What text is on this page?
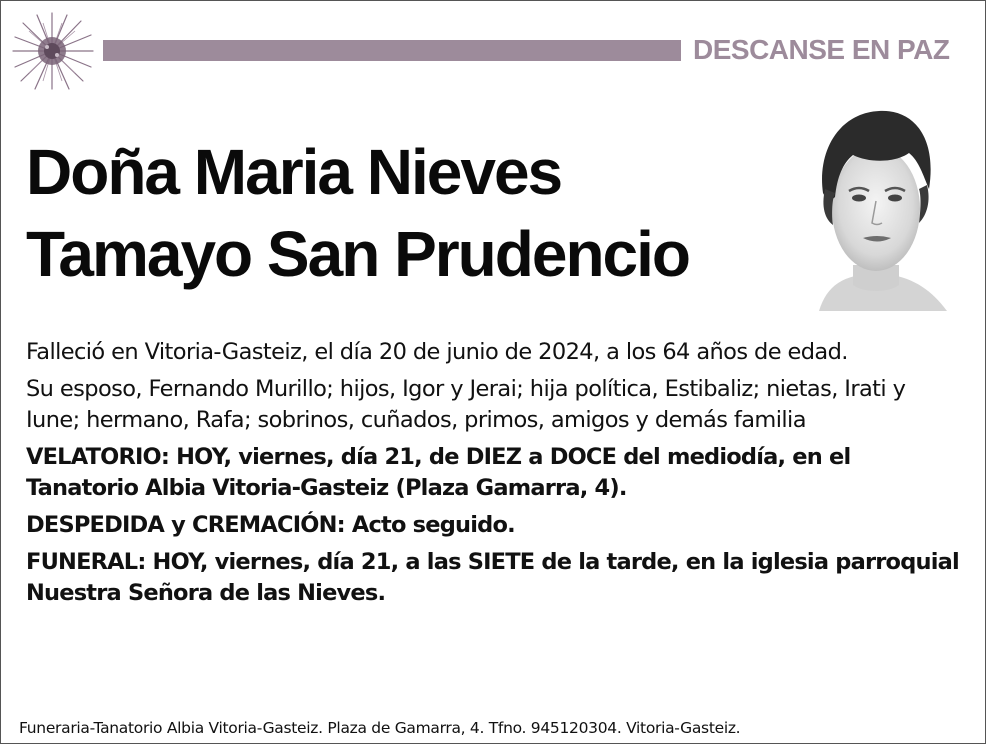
DESCANSE EN PAZ
Doña Maria Nieves
Tamayo San Prudencio

Falleció en Vitoria-Gasteiz, el día 20 de junio de 2024, a los 64 años de edad.

Su esposo, Fernando Murillo; hijos, Igor y Jerai; hija política, Estibaliz; nietas, Irati y Iune; hermano, Rafa; sobrinos, cuñados, primos, amigos y demás familia

VELATORIO: HOY, viernes, día 21, de DIEZ a DOCE del mediodía, en el Tanatorio Albia Vitoria-Gasteiz (Plaza Gamarra, 4).

DESPEDIDA y CREMACIÓN: Acto seguido.

FUNERAL: HOY, viernes, día 21, a las SIETE de la tarde, en la iglesia parroquial Nuestra Señora de las Nieves.

Funeraria-Tanatorio Albia Vitoria-Gasteiz. Plaza de Gamarra, 4. Tfno. 945120304. Vitoria-Gasteiz.
